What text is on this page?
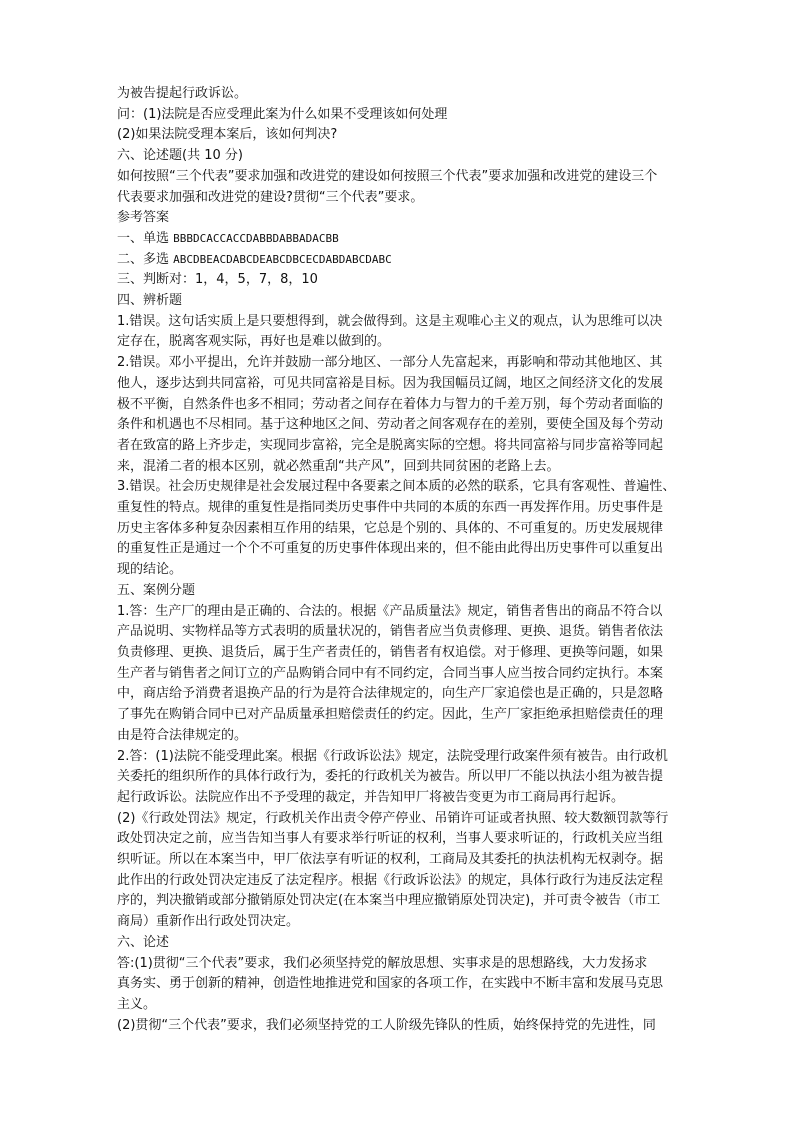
为被告提起行政诉讼。
问：(1)法院是否应受理此案为什么如果不受理该如何处理
(2)如果法院受理本案后，该如何判决?
六、论述题(共 10 分)
如何按照“三个代表”要求加强和改进党的建设如何按照三个代表”要求加强和改进党的建设三个
代表要求加强和改进党的建设?贯彻“三个代表”要求。
参考答案
一、单选 BBBDCACCACCDABBDABBADACBB
二、多选 ABCDBEACDABCDEABCDBCECDABDABCDABC
三、判断对：1，4，5，7，8，10
四、辨析题
1.错误。这句话实质上是只要想得到，就会做得到。这是主观唯心主义的观点，认为思维可以决
定存在，脱离客观实际，再好也是难以做到的。
2.错误。邓小平提出，允许并鼓励一部分地区、一部分人先富起来，再影响和带动其他地区、其
他人，逐步达到共同富裕，可见共同富裕是目标。因为我国幅员辽阔，地区之间经济文化的发展
极不平衡，自然条件也多不相同；劳动者之间存在着体力与智力的千差万别，每个劳动者面临的
条件和机遇也不尽相同。基于这种地区之间、劳动者之间客观存在的差别，要使全国及每个劳动
者在致富的路上齐步走，实现同步富裕，完全是脱离实际的空想。将共同富裕与同步富裕等同起
来，混淆二者的根本区别，就必然重刮“共产风”，回到共同贫困的老路上去。
3.错误。社会历史规律是社会发展过程中各要素之间本质的必然的联系，它具有客观性、普遍性、
重复性的特点。规律的重复性是指同类历史事件中共同的本质的东西一再发挥作用。历史事件是
历史主客体多种复杂因素相互作用的结果，它总是个别的、具体的、不可重复的。历史发展规律
的重复性正是通过一个个不可重复的历史事件体现出来的，但不能由此得出历史事件可以重复出
现的结论。
五、案例分题
1.答：生产厂的理由是正确的、合法的。根据《产品质量法》规定，销售者售出的商品不符合以
产品说明、实物样品等方式表明的质量状况的，销售者应当负责修理、更换、退货。销售者依法
负责修理、更换、退货后，属于生产者责任的，销售者有权追偿。对于修理、更换等问题，如果
生产者与销售者之间订立的产品购销合同中有不同约定，合同当事人应当按合同约定执行。本案
中，商店给予消费者退换产品的行为是符合法律规定的，向生产厂家追偿也是正确的，只是忽略
了事先在购销合同中已对产品质量承担赔偿责任的约定。因此，生产厂家拒绝承担赔偿责任的理
由是符合法律规定的。
2.答：(1)法院不能受理此案。根据《行政诉讼法》规定，法院受理行政案件须有被告。由行政机
关委托的组织所作的具体行政行为，委托的行政机关为被告。所以甲厂不能以执法小组为被告提
起行政诉讼。法院应作出不予受理的裁定，并告知甲厂将被告变更为市工商局再行起诉。
(2)《行政处罚法》规定，行政机关作出责令停产停业、吊销许可证或者执照、较大数额罚款等行
政处罚决定之前，应当告知当事人有要求举行听证的权利，当事人要求听证的，行政机关应当组
织听证。所以在本案当中，甲厂依法享有听证的权利，工商局及其委托的执法机构无权剥夺。据
此作出的行政处罚决定违反了法定程序。根据《行政诉讼法》的规定，具体行政行为违反法定程
序的，判决撤销或部分撤销原处罚决定(在本案当中理应撤销原处罚决定)，并可责令被告（市工
商局）重新作出行政处罚决定。
六、论述
答:(1)贯彻“三个代表”要求，我们必须坚持党的解放思想、实事求是的思想路线，大力发扬求
真务实、勇于创新的精神，创造性地推进党和国家的各项工作，在实践中不断丰富和发展马克思
主义。
(2)贯彻“三个代表”要求，我们必须坚持党的工人阶级先锋队的性质，始终保持党的先进性，同
